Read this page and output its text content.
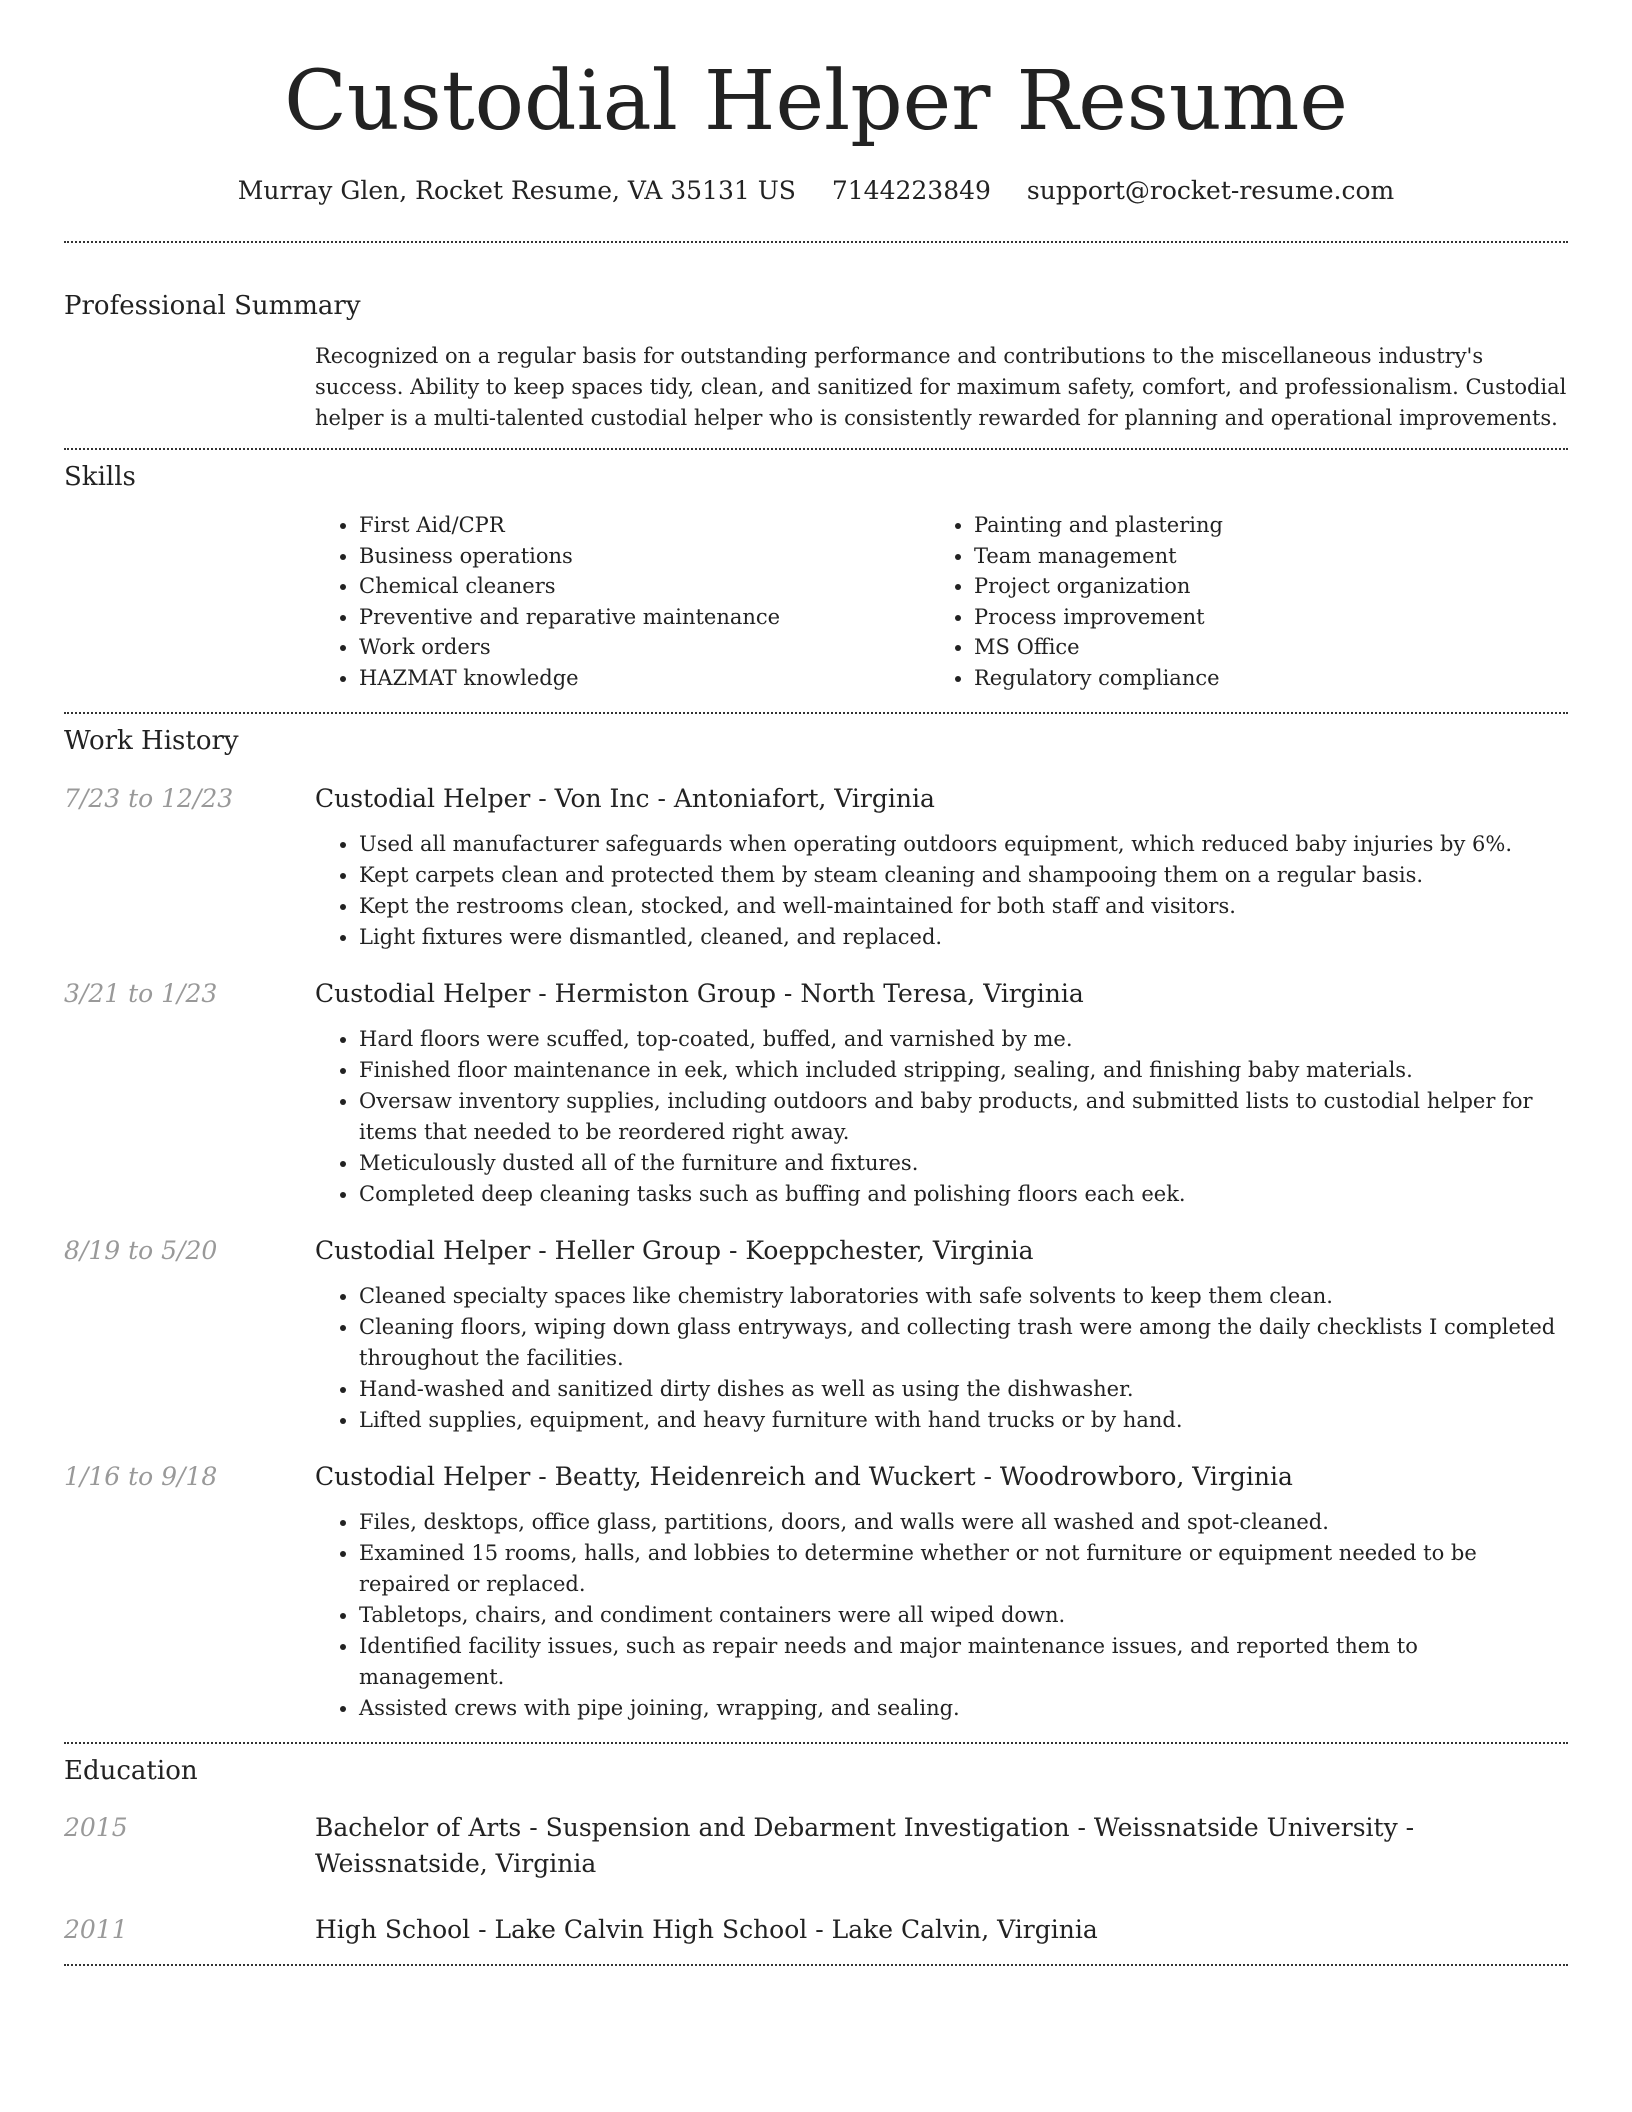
Custodial Helper Resume
Murray Glen, Rocket Resume, VA 35131 US 7144223849 support@rocket-resume.com
Professional Summary

Recognized on a regular basis for outstanding performance and contributions to the miscellaneous industry's success. Ability to keep spaces tidy, clean, and sanitized for maximum safety, comfort, and professionalism. Custodial helper is a multi-talented custodial helper who is consistently rewarded for planning and operational improvements.

Skills
• First Aid/CPR
• Business operations
• Chemical cleaners
• Preventive and reparative maintenance
• Work orders
• HAZMAT knowledge
• Painting and plastering
• Team management
• Project organization
• Process improvement
• MS Office
• Regulatory compliance
Work History
7/23 to 12/23	Custodial Helper - Von Inc - Antoniafort, Virginia
• Used all manufacturer safeguards when operating outdoors equipment, which reduced baby injuries by 6%.
• Kept carpets clean and protected them by steam cleaning and shampooing them on a regular basis.
• Kept the restrooms clean, stocked, and well-maintained for both staff and visitors.
• Light fixtures were dismantled, cleaned, and replaced.
3/21 to 1/23	Custodial Helper - Hermiston Group - North Teresa, Virginia
• Hard floors were scuffed, top-coated, buffed, and varnished by me.
• Finished floor maintenance in eek, which included stripping, sealing, and finishing baby materials.
• Oversaw inventory supplies, including outdoors and baby products, and submitted lists to custodial helper for items that needed to be reordered right away.
• Meticulously dusted all of the furniture and fixtures.
• Completed deep cleaning tasks such as buffing and polishing floors each eek.
8/19 to 5/20	Custodial Helper - Heller Group - Koeppchester, Virginia
• Cleaned specialty spaces like chemistry laboratories with safe solvents to keep them clean.
• Cleaning floors, wiping down glass entryways, and collecting trash were among the daily checklists I completed throughout the facilities.
• Hand-washed and sanitized dirty dishes as well as using the dishwasher.
• Lifted supplies, equipment, and heavy furniture with hand trucks or by hand.
1/16 to 9/18	Custodial Helper - Beatty, Heidenreich and Wuckert - Woodrowboro, Virginia
• Files, desktops, office glass, partitions, doors, and walls were all washed and spot-cleaned.
• Examined 15 rooms, halls, and lobbies to determine whether or not furniture or equipment needed to be repaired or replaced.
• Tabletops, chairs, and condiment containers were all wiped down.
• Identified facility issues, such as repair needs and major maintenance issues, and reported them to management.
• Assisted crews with pipe joining, wrapping, and sealing.
Education
2015	Bachelor of Arts - Suspension and Debarment Investigation - Weissnatside University - Weissnatside, Virginia
2011	High School - Lake Calvin High School - Lake Calvin, Virginia
